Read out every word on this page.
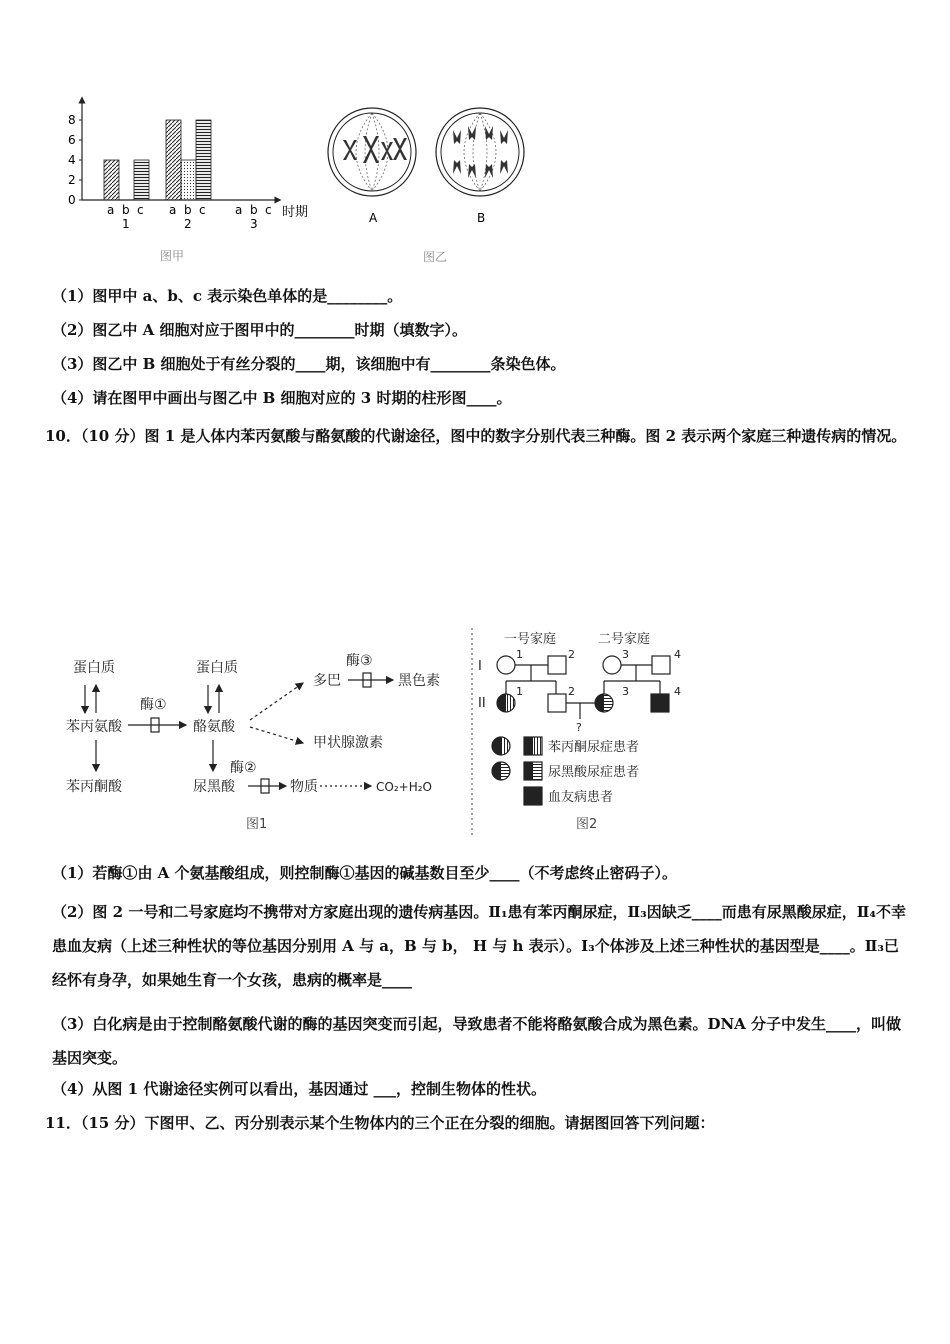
0
2
4
6
8
a b c
1
a b c
2
a b c
3
时期
图甲
A	B
图乙
（1）图甲中 a、b、c 表示染色单体的是________。
（2）图乙中 A 细胞对应于图甲中的________时期（填数字）。
（3）图乙中 B 细胞处于有丝分裂的____期，该细胞中有________条染色体。
（4）请在图甲中画出与图乙中 B 细胞对应的 3 时期的柱形图____。
10．（10 分）图 1 是人体内苯丙氨酸与酪氨酸的代谢途径，图中的数字分别代表三种酶。图 2 表示两个家庭三种遗传病的情况。
蛋白质	蛋白质
苯丙氨酸	酪氨酸
苯丙酮酸	尿黑酸
多巴	黑色素
甲状腺激素
物质	CO₂+H₂O
酶①
酶②
酶③
图1
一号家庭	二号家庭
I
II
1	2	3	4
1	2	3	4
?
苯丙酮尿症患者
尿黑酸尿症患者
血友病患者
图2
（1）若酶①由 A 个氨基酸组成，则控制酶①基因的碱基数目至少____（不考虑终止密码子）。
（2）图 2 一号和二号家庭均不携带对方家庭出现的遗传病基因。Ⅱ₁患有苯丙酮尿症，Ⅱ₃因缺乏____而患有尿黑酸尿症，Ⅱ₄不幸患血友病（上述三种性状的等位基因分别用 A 与 a，B 与 b， H 与 h 表示）。I₃个体涉及上述三种性状的基因型是____。Ⅱ₃已经怀有身孕，如果她生育一个女孩，患病的概率是____
（3）白化病是由于控制酪氨酸代谢的酶的基因突变而引起，导致患者不能将酪氨酸合成为黑色素。DNA 分子中发生____，叫做基因突变。
（4）从图 1 代谢途径实例可以看出，基因通过 ___，控制生物体的性状。
11．（15 分）下图甲、乙、丙分别表示某个生物体内的三个正在分裂的细胞。请据图回答下列问题：
